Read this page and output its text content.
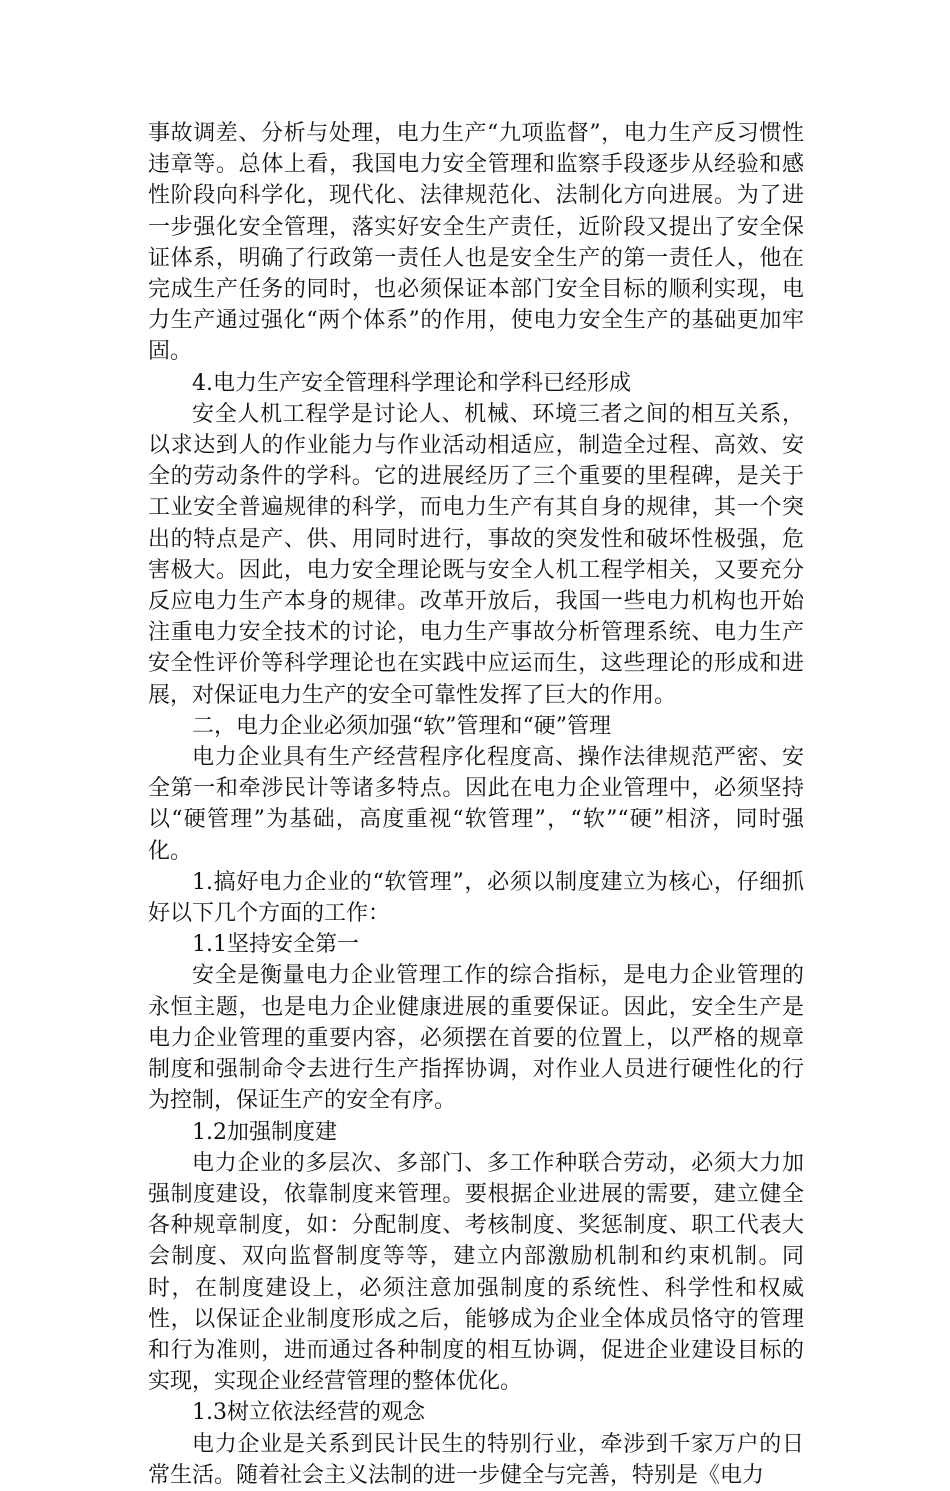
事故调差、分析与处理，电力生产“九项监督”，电力生产反习惯性违章等。总体上看，我国电力安全管理和监察手段逐步从经验和感性阶段向科学化，现代化、法律规范化、法制化方向进展。为了进一步强化安全管理，落实好安全生产责任，近阶段又提出了安全保证体系，明确了行政第一责任人也是安全生产的第一责任人，他在完成生产任务的同时，也必须保证本部门安全目标的顺利实现，电力生产通过强化“两个体系”的作用，使电力安全生产的基础更加牢固。

4.电力生产安全管理科学理论和学科已经形成

安全人机工程学是讨论人、机械、环境三者之间的相互关系，以求达到人的作业能力与作业活动相适应，制造全过程、高效、安全的劳动条件的学科。它的进展经历了三个重要的里程碑，是关于工业安全普遍规律的科学，而电力生产有其自身的规律，其一个突出的特点是产、供、用同时进行，事故的突发性和破坏性极强，危害极大。因此，电力安全理论既与安全人机工程学相关，又要充分反应电力生产本身的规律。改革开放后，我国一些电力机构也开始注重电力安全技术的讨论，电力生产事故分析管理系统、电力生产安全性评价等科学理论也在实践中应运而生，这些理论的形成和进展，对保证电力生产的安全可靠性发挥了巨大的作用。

二，电力企业必须加强“软”管理和“硬”管理

电力企业具有生产经营程序化程度高、操作法律规范严密、安全第一和牵涉民计等诸多特点。因此在电力企业管理中，必须坚持以“硬管理”为基础，高度重视“软管理”，“软”“硬”相济，同时强化。

1.搞好电力企业的“软管理”，必须以制度建立为核心，仔细抓好以下几个方面的工作：

1.1坚持安全第一

安全是衡量电力企业管理工作的综合指标，是电力企业管理的永恒主题，也是电力企业健康进展的重要保证。因此，安全生产是电力企业管理的重要内容，必须摆在首要的位置上，以严格的规章制度和强制命令去进行生产指挥协调，对作业人员进行硬性化的行为控制，保证生产的安全有序。

1.2加强制度建

电力企业的多层次、多部门、多工作种联合劳动，必须大力加强制度建设，依靠制度来管理。要根据企业进展的需要，建立健全各种规章制度，如：分配制度、考核制度、奖惩制度、职工代表大会制度、双向监督制度等等，建立内部激励机制和约束机制。同时，在制度建设上，必须注意加强制度的系统性、科学性和权威性，以保证企业制度形成之后，能够成为企业全体成员恪守的管理和行为准则，进而通过各种制度的相互协调，促进企业建设目标的实现，实现企业经营管理的整体优化。

1.3树立依法经营的观念

电力企业是关系到民计民生的特别行业，牵涉到千家万户的日常生活。随着社会主义法制的进一步健全与完善，特别是《电力
